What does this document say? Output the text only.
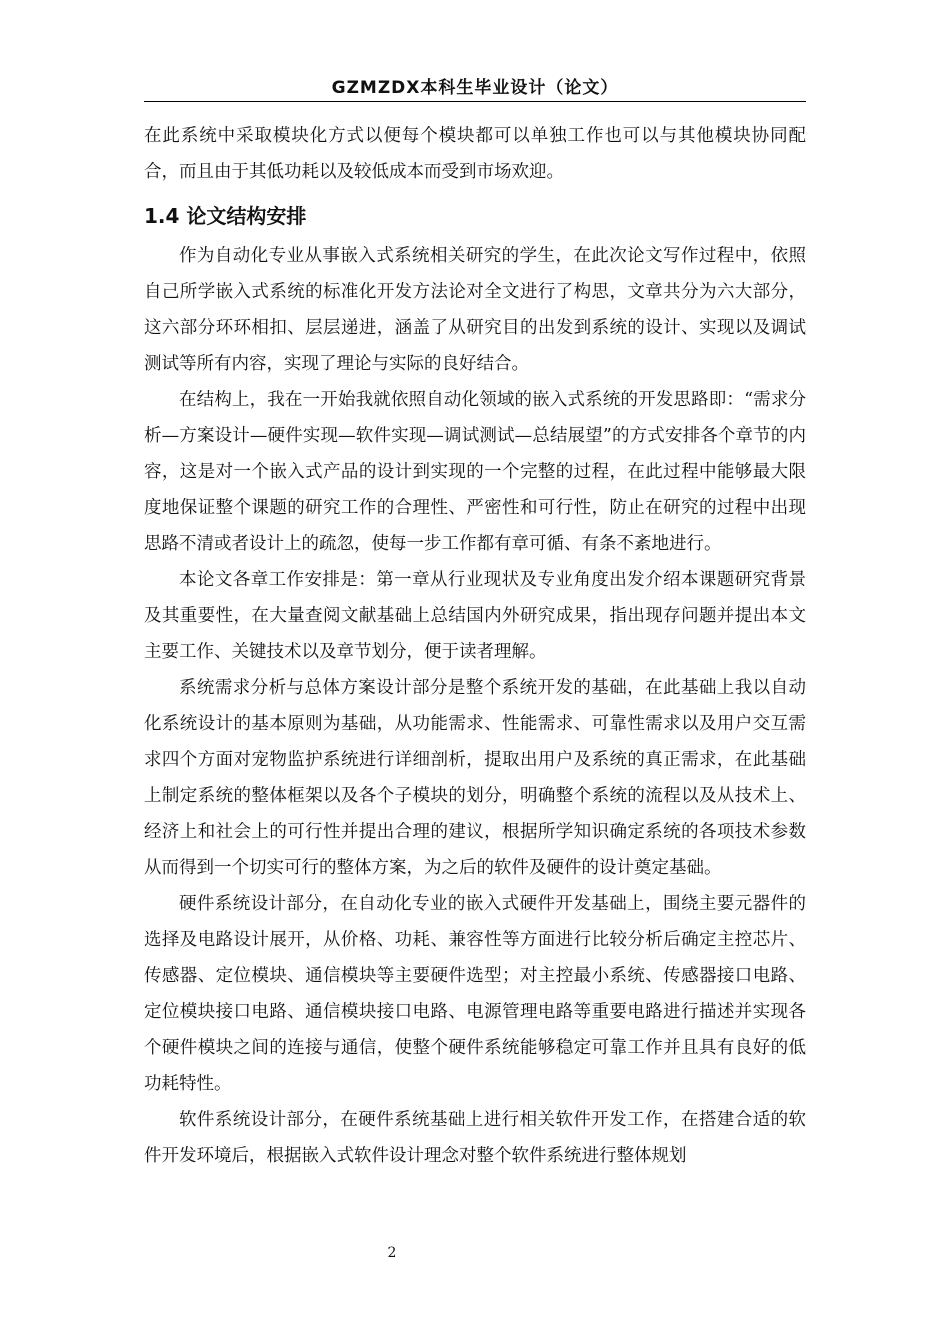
GZMZDX本科生毕业设计（论文）

在此系统中采取模块化方式以便每个模块都可以单独工作也可以与其他模块协同配合，而且由于其低功耗以及较低成本而受到市场欢迎。

1.4 论文结构安排

作为自动化专业从事嵌入式系统相关研究的学生，在此次论文写作过程中，依照自己所学嵌入式系统的标准化开发方法论对全文进行了构思，文章共分为六大部分，这六部分环环相扣、层层递进，涵盖了从研究目的出发到系统的设计、实现以及调试测试等所有内容，实现了理论与实际的良好结合。

在结构上，我在一开始我就依照自动化领域的嵌入式系统的开发思路即：“需求分析—方案设计—硬件实现—软件实现—调试测试—总结展望”的方式安排各个章节的内容，这是对一个嵌入式产品的设计到实现的一个完整的过程，在此过程中能够最大限度地保证整个课题的研究工作的合理性、严密性和可行性，防止在研究的过程中出现思路不清或者设计上的疏忽，使每一步工作都有章可循、有条不紊地进行。

本论文各章工作安排是：第一章从行业现状及专业角度出发介绍本课题研究背景及其重要性，在大量查阅文献基础上总结国内外研究成果，指出现存问题并提出本文主要工作、关键技术以及章节划分，便于读者理解。

系统需求分析与总体方案设计部分是整个系统开发的基础，在此基础上我以自动化系统设计的基本原则为基础，从功能需求、性能需求、可靠性需求以及用户交互需求四个方面对宠物监护系统进行详细剖析，提取出用户及系统的真正需求，在此基础上制定系统的整体框架以及各个子模块的划分，明确整个系统的流程以及从技术上、经济上和社会上的可行性并提出合理的建议，根据所学知识确定系统的各项技术参数从而得到一个切实可行的整体方案，为之后的软件及硬件的设计奠定基础。

硬件系统设计部分，在自动化专业的嵌入式硬件开发基础上，围绕主要元器件的选择及电路设计展开，从价格、功耗、兼容性等方面进行比较分析后确定主控芯片、传感器、定位模块、通信模块等主要硬件选型；对主控最小系统、传感器接口电路、定位模块接口电路、通信模块接口电路、电源管理电路等重要电路进行描述并实现各个硬件模块之间的连接与通信，使整个硬件系统能够稳定可靠工作并且具有良好的低功耗特性。

软件系统设计部分，在硬件系统基础上进行相关软件开发工作，在搭建合适的软件开发环境后，根据嵌入式软件设计理念对整个软件系统进行整体规划

2
